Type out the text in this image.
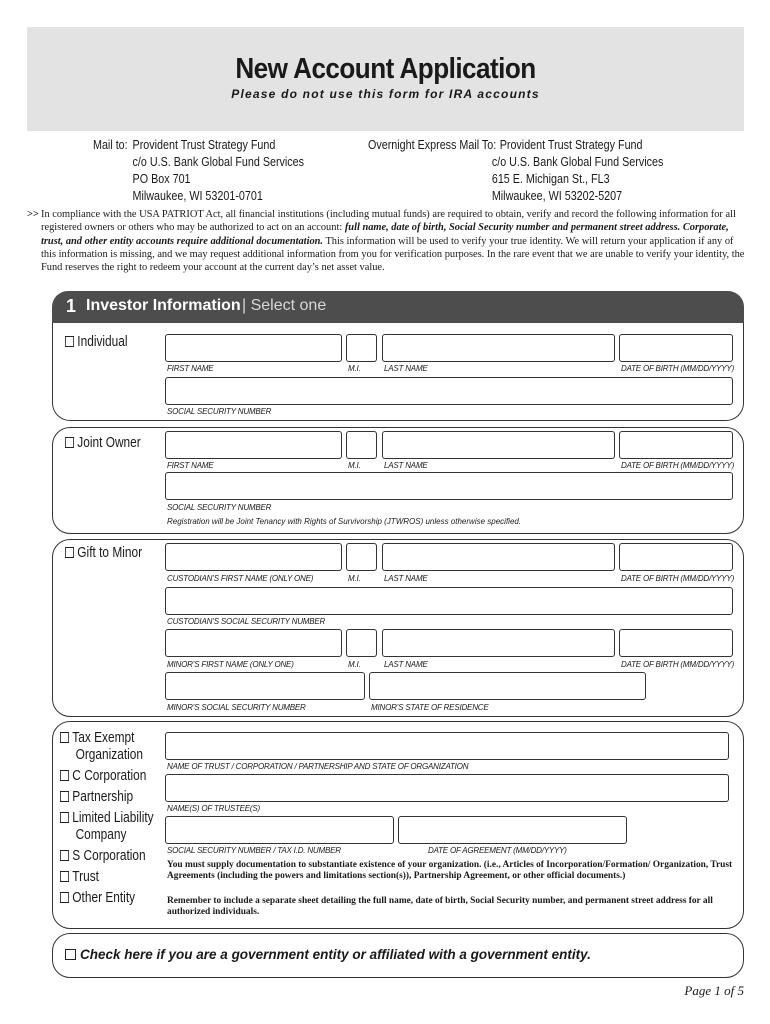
New Account Application
Please do not use this form for IRA accounts
Mail to: Provident Trust Strategy Fund
c/o U.S. Bank Global Fund Services
PO Box 701
Milwaukee, WI 53201-0701
Overnight Express Mail To: Provident Trust Strategy Fund
c/o U.S. Bank Global Fund Services
615 E. Michigan St., FL3
Milwaukee, WI 53202-5207
>> In compliance with the USA PATRIOT Act, all financial institutions (including mutual funds) are required to obtain, verify and record the following information for all registered owners or others who may be authorized to act on an account: full name, date of birth, Social Security number and permanent street address. Corporate, trust, and other entity accounts require additional documentation. This information will be used to verify your true identity. We will return your application if any of this information is missing, and we may request additional information from you for verification purposes. In the rare event that we are unable to verify your identity, the Fund reserves the right to redeem your account at the current day’s net asset value.
1 Investor Information | Select one
Individual
FIRST NAME	M.I.	LAST NAME	DATE OF BIRTH (MM/DD/YYYY)
SOCIAL SECURITY NUMBER
Joint Owner
FIRST NAME	M.I.	LAST NAME	DATE OF BIRTH (MM/DD/YYYY)
SOCIAL SECURITY NUMBER
Registration will be Joint Tenancy with Rights of Survivorship (JTWROS) unless otherwise specified.
Gift to Minor
CUSTODIAN’S FIRST NAME (ONLY ONE)	M.I.	LAST NAME	DATE OF BIRTH (MM/DD/YYYY)
CUSTODIAN’S SOCIAL SECURITY NUMBER
MINOR’S FIRST NAME (ONLY ONE)	M.I.	LAST NAME	DATE OF BIRTH (MM/DD/YYYY)
MINOR’S SOCIAL SECURITY NUMBER	MINOR’S STATE OF RESIDENCE
Tax Exempt
Organization
C Corporation
Partnership
Limited Liability
Company
S Corporation
Trust
Other Entity
NAME OF TRUST / CORPORATION / PARTNERSHIP AND STATE OF ORGANIZATION
NAME(S) OF TRUSTEE(S)
SOCIAL SECURITY NUMBER / TAX I.D. NUMBER	DATE OF AGREEMENT (MM/DD/YYYY)
You must supply documentation to substantiate existence of your organization. (i.e., Articles of Incorporation/Formation/ Organization, Trust Agreements (including the powers and limitations section(s)), Partnership Agreement, or other official documents.)
Remember to include a separate sheet detailing the full name, date of birth, Social Security number, and permanent street address for all authorized individuals.
Check here if you are a government entity or affiliated with a government entity.
Page 1 of 5
